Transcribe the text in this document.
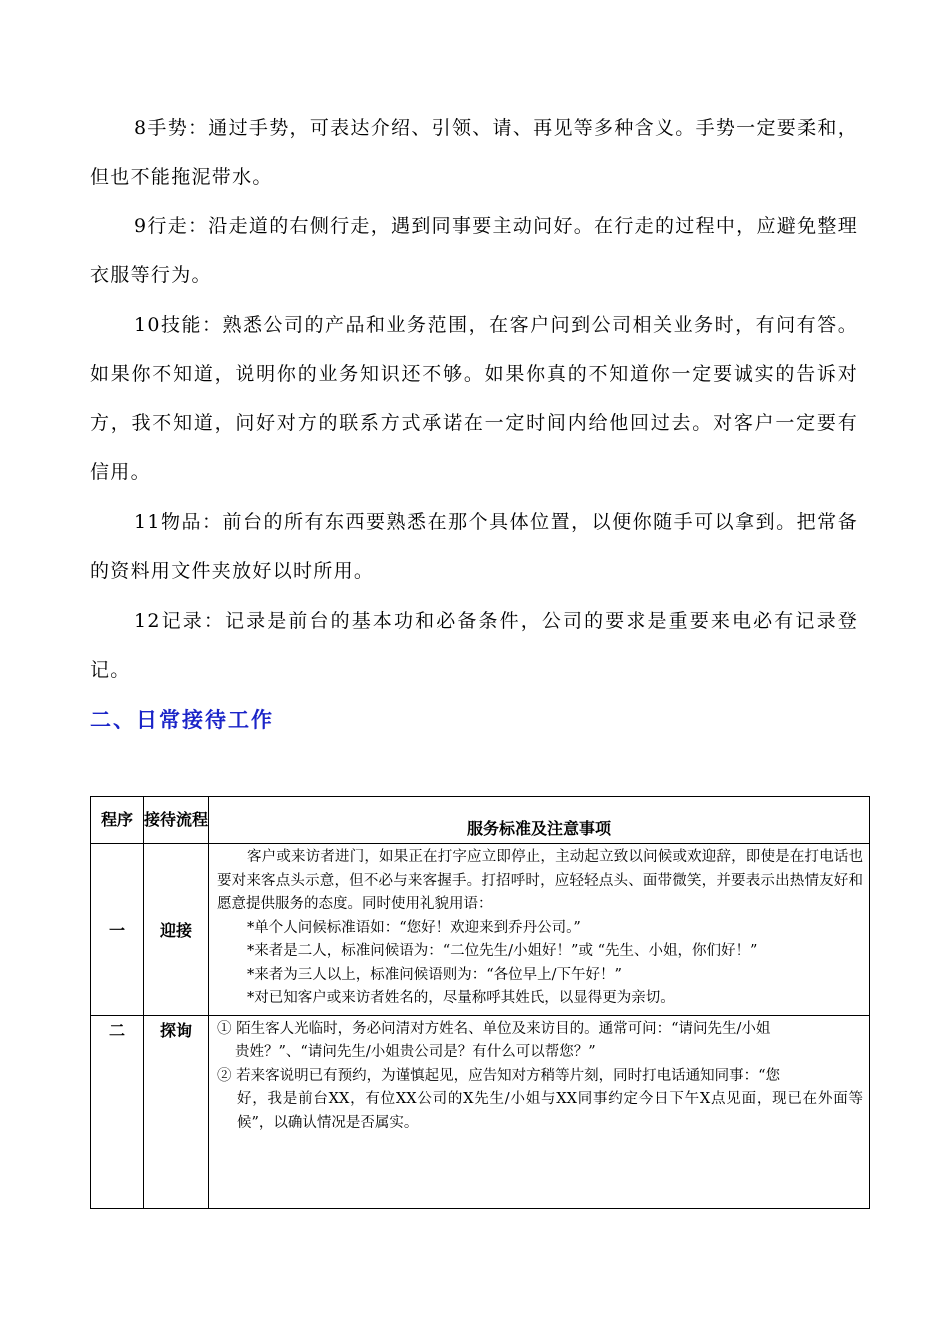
8手势：通过手势，可表达介绍、引领、请、再见等多种含义。手势一定要柔和，但也不能拖泥带水。

9行走：沿走道的右侧行走，遇到同事要主动问好。在行走的过程中，应避免整理衣服等行为。

10技能：熟悉公司的产品和业务范围，在客户问到公司相关业务时，有问有答。如果你不知道，说明你的业务知识还不够。如果你真的不知道你一定要诚实的告诉对方，我不知道，问好对方的联系方式承诺在一定时间内给他回过去。对客户一定要有信用。

11物品：前台的所有东西要熟悉在那个具体位置，以便你随手可以拿到。把常备的资料用文件夹放好以时所用。

12记录：记录是前台的基本功和必备条件，公司的要求是重要来电必有记录登记。

二、日常接待工作
程序	接待流程	服务标准及注意事项
一	迎接	客户或来访者进门，如果正在打字应立即停止，主动起立致以问候或欢迎辞，即使是在打电话也要对来客点头示意，但不必与来客握手。打招呼时，应轻轻点头、面带微笑，并要表示出热情友好和愿意提供服务的态度。同时使用礼貌用语：

*单个人问候标准语如：“您好！欢迎来到乔丹公司。”

*来者是二人，标准问候语为：“二位先生/小姐好！”或 “先生、小姐，你们好！”

*来者为三人以上，标准问候语则为：“各位早上/下午好！”

*对已知客户或来访者姓名的，尽量称呼其姓氏，以显得更为亲切。

二	探询	① 陌生客人光临时，务必问清对方姓名、单位及来访目的。通常可问：“请问先生/小姐

贵姓？”、“请问先生/小姐贵公司是？有什么可以帮您？”

② 若来客说明已有预约，为谨慎起见，应告知对方稍等片刻，同时打电话通知同事：“您

好，我是前台XX，有位XX公司的X先生/小姐与XX同事约定今日下午X点见面，现已在外面等候”，以确认情况是否属实。
